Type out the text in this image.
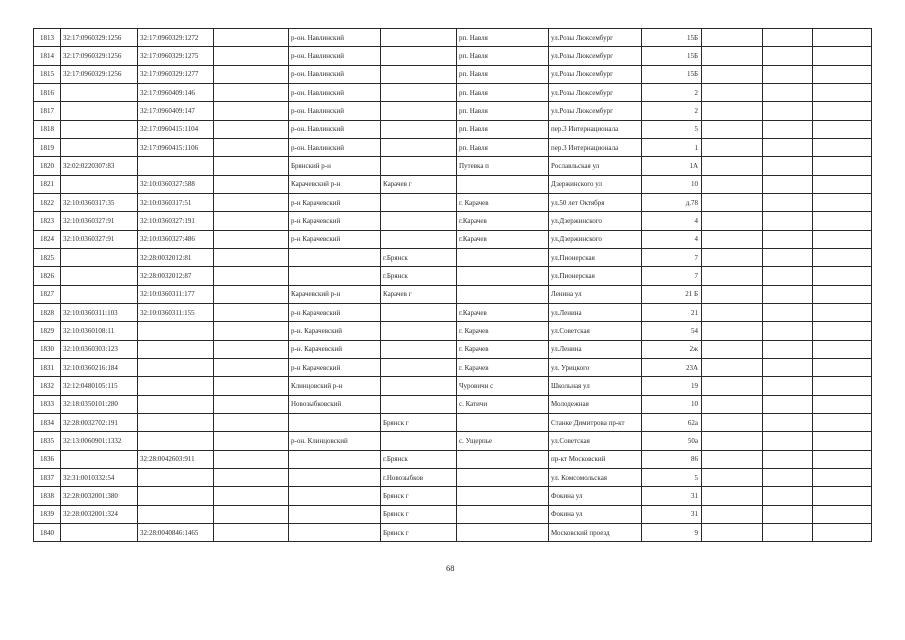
1813	32:17:0960329:1256	32:17:0960329:1272		р-он. Навлинский		рп. Навля	ул.Розы Люксембург	15Б			
1814	32:17:0960329:1256	32:17:0960329:1275		р-он. Навлинский		рп. Навля	ул.Розы Люксембург	15Б			
1815	32:17:0960329:1256	32:17:0960329:1277		р-он. Навлинский		рп. Навля	ул.Розы Люксембург	15Б			
1816		32:17:0960409:146		р-он. Навлинский		рп. Навля	ул.Розы Люксембург	2			
1817		32:17:0960409:147		р-он. Навлинский		рп. Навля	ул.Розы Люксембург	2			
1818		32:17:0960415:1104		р-он. Навлинский		рп. Навля	пер.3 Интернационала	5			
1819		32:17:0960415:1106		р-он. Навлинский		рп. Навля	пер.3 Интернационала	1			
1820	32:02:0220307:83			Брянский р-н		Путевка п	Рославльская ул	1А			
1821		32:10:0360327:588		Карачевский р-н	Карачев г		Дзержинского ул	10			
1822	32:10:0360317:35	32:10:0360317:51		р-н Карачевский		г. Карачев	ул.50 лет Октября	д.78			
1823	32:10:0360327:91	32:10:0360327:191		р-н Карачевский		г.Карачев	ул.Дзержинского	4			
1824	32:10:0360327:91	32:10:0360327:486		р-н Карачевский		г.Карачев	ул.Дзержинского	4			
1825		32:28:0032012:81			г.Брянск		ул.Пионерская	7			
1826		32:28:0032012:87			г.Брянск		ул.Пионерская	7			
1827		32:10:0360311:177		Карачевский р-н	Карачев г		Ленина ул	21 Б			
1828	32:10:0360311:103	32:10:0360311:155		р-н Карачевский		г.Карачев	ул.Ленина	21			
1829	32:10:0360108:11			р-н. Карачевский		г. Карачев	ул.Советская	54			
1830	32:10:0360303:123			р-н. Карачевский		г. Карачев	ул.Ленина	2ж			
1831	32:10:0360216:184			р-н Карачевский		г. Карачев	ул. Урицкого	23А			
1832	32:12:0480105:115			Клинцовский р-н		Чуровичи с	Школьная ул	19			
1833	32:18:0350101:280			Новозыбковский		с. Катичи	Молодежная	10			
1834	32:28:0032702:191				Брянск г		Станке Димитрова пр-кт	62а			
1835	32:13:0060901:1332			р-он. Клинцовский		с. Ущерпье	ул.Советская	50а			
1836		32:28:0042603:911			г.Брянск		пр-кт Московский	86			
1837	32:31:0010332:54				г.Новозыбков		ул. Комсомольская	5			
1838	32:28:0032001:380				Брянск г		Фокина ул	31			
1839	32:28:0032001:324				Брянск г		Фокина ул	31			
1840		32:28:0040846:1465			Брянск г		Московский проезд	9			
68
